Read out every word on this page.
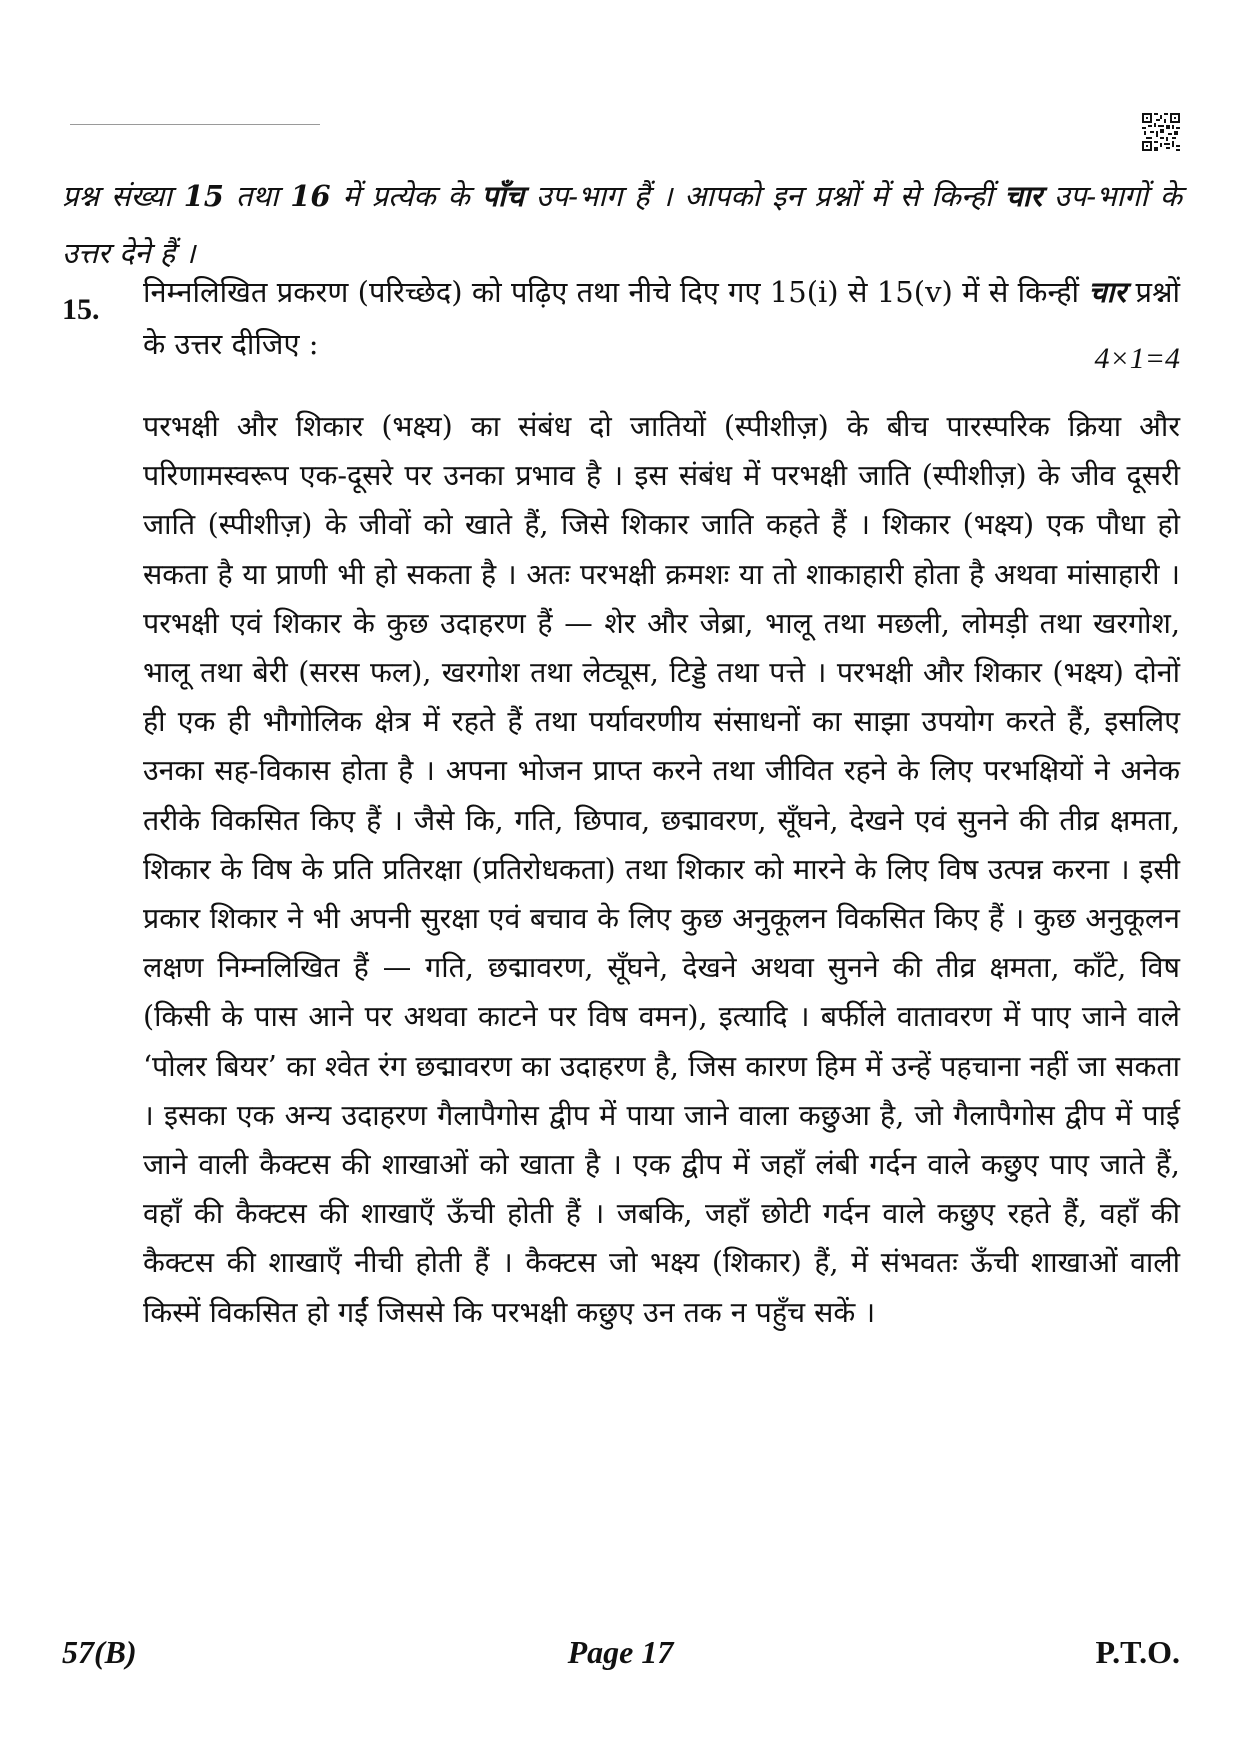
प्रश्न संख्या 15 तथा 16 में प्रत्येक के पाँच उप-भाग हैं । आपको इन प्रश्नों में से किन्हीं चार उप-भागों के उत्तर देने हैं ।
15.
निम्नलिखित प्रकरण (परिच्छेद) को पढ़िए तथा नीचे दिए गए 15(i) से 15(v) में से किन्हीं चार प्रश्नों के उत्तर दीजिए :	4×1=4
परभक्षी और शिकार (भक्ष्य) का संबंध दो जातियों (स्पीशीज़) के बीच पारस्परिक क्रिया और परिणामस्वरूप एक-दूसरे पर उनका प्रभाव है । इस संबंध में परभक्षी जाति (स्पीशीज़) के जीव दूसरी जाति (स्पीशीज़) के जीवों को खाते हैं, जिसे शिकार जाति कहते हैं । शिकार (भक्ष्य) एक पौधा हो सकता है या प्राणी भी हो सकता है । अतः परभक्षी क्रमशः या तो शाकाहारी होता है अथवा मांसाहारी । परभक्षी एवं शिकार के कुछ उदाहरण हैं — शेर और जेब्रा, भालू तथा मछली, लोमड़ी तथा खरगोश, भालू तथा बेरी (सरस फल), खरगोश तथा लेट्यूस, टिड्डे तथा पत्ते । परभक्षी और शिकार (भक्ष्य) दोनों ही एक ही भौगोलिक क्षेत्र में रहते हैं तथा पर्यावरणीय संसाधनों का साझा उपयोग करते हैं, इसलिए उनका सह-विकास होता है । अपना भोजन प्राप्त करने तथा जीवित रहने के लिए परभक्षियों ने अनेक तरीके विकसित किए हैं । जैसे कि, गति, छिपाव, छद्मावरण, सूँघने, देखने एवं सुनने की तीव्र क्षमता, शिकार के विष के प्रति प्रतिरक्षा (प्रतिरोधकता) तथा शिकार को मारने के लिए विष उत्पन्न करना । इसी प्रकार शिकार ने भी अपनी सुरक्षा एवं बचाव के लिए कुछ अनुकूलन विकसित किए हैं । कुछ अनुकूलन लक्षण निम्नलिखित हैं — गति, छद्मावरण, सूँघने, देखने अथवा सुनने की तीव्र क्षमता, काँटे, विष (किसी के पास आने पर अथवा काटने पर विष वमन), इत्यादि । बर्फीले वातावरण में पाए जाने वाले ‘पोलर बियर’ का श्वेत रंग छद्मावरण का उदाहरण है, जिस कारण हिम में उन्हें पहचाना नहीं जा सकता । इसका एक अन्य उदाहरण गैलापैगोस द्वीप में पाया जाने वाला कछुआ है, जो गैलापैगोस द्वीप में पाई जाने वाली कैक्टस की शाखाओं को खाता है । एक द्वीप में जहाँ लंबी गर्दन वाले कछुए पाए जाते हैं, वहाँ की कैक्टस की शाखाएँ ऊँची होती हैं । जबकि, जहाँ छोटी गर्दन वाले कछुए रहते हैं, वहाँ की कैक्टस की शाखाएँ नीची होती हैं । कैक्टस जो भक्ष्य (शिकार) हैं, में संभवतः ऊँची शाखाओं वाली किस्में विकसित हो गईं जिससे कि परभक्षी कछुए उन तक न पहुँच सकें ।
57(B)	Page 17	P.T.O.
